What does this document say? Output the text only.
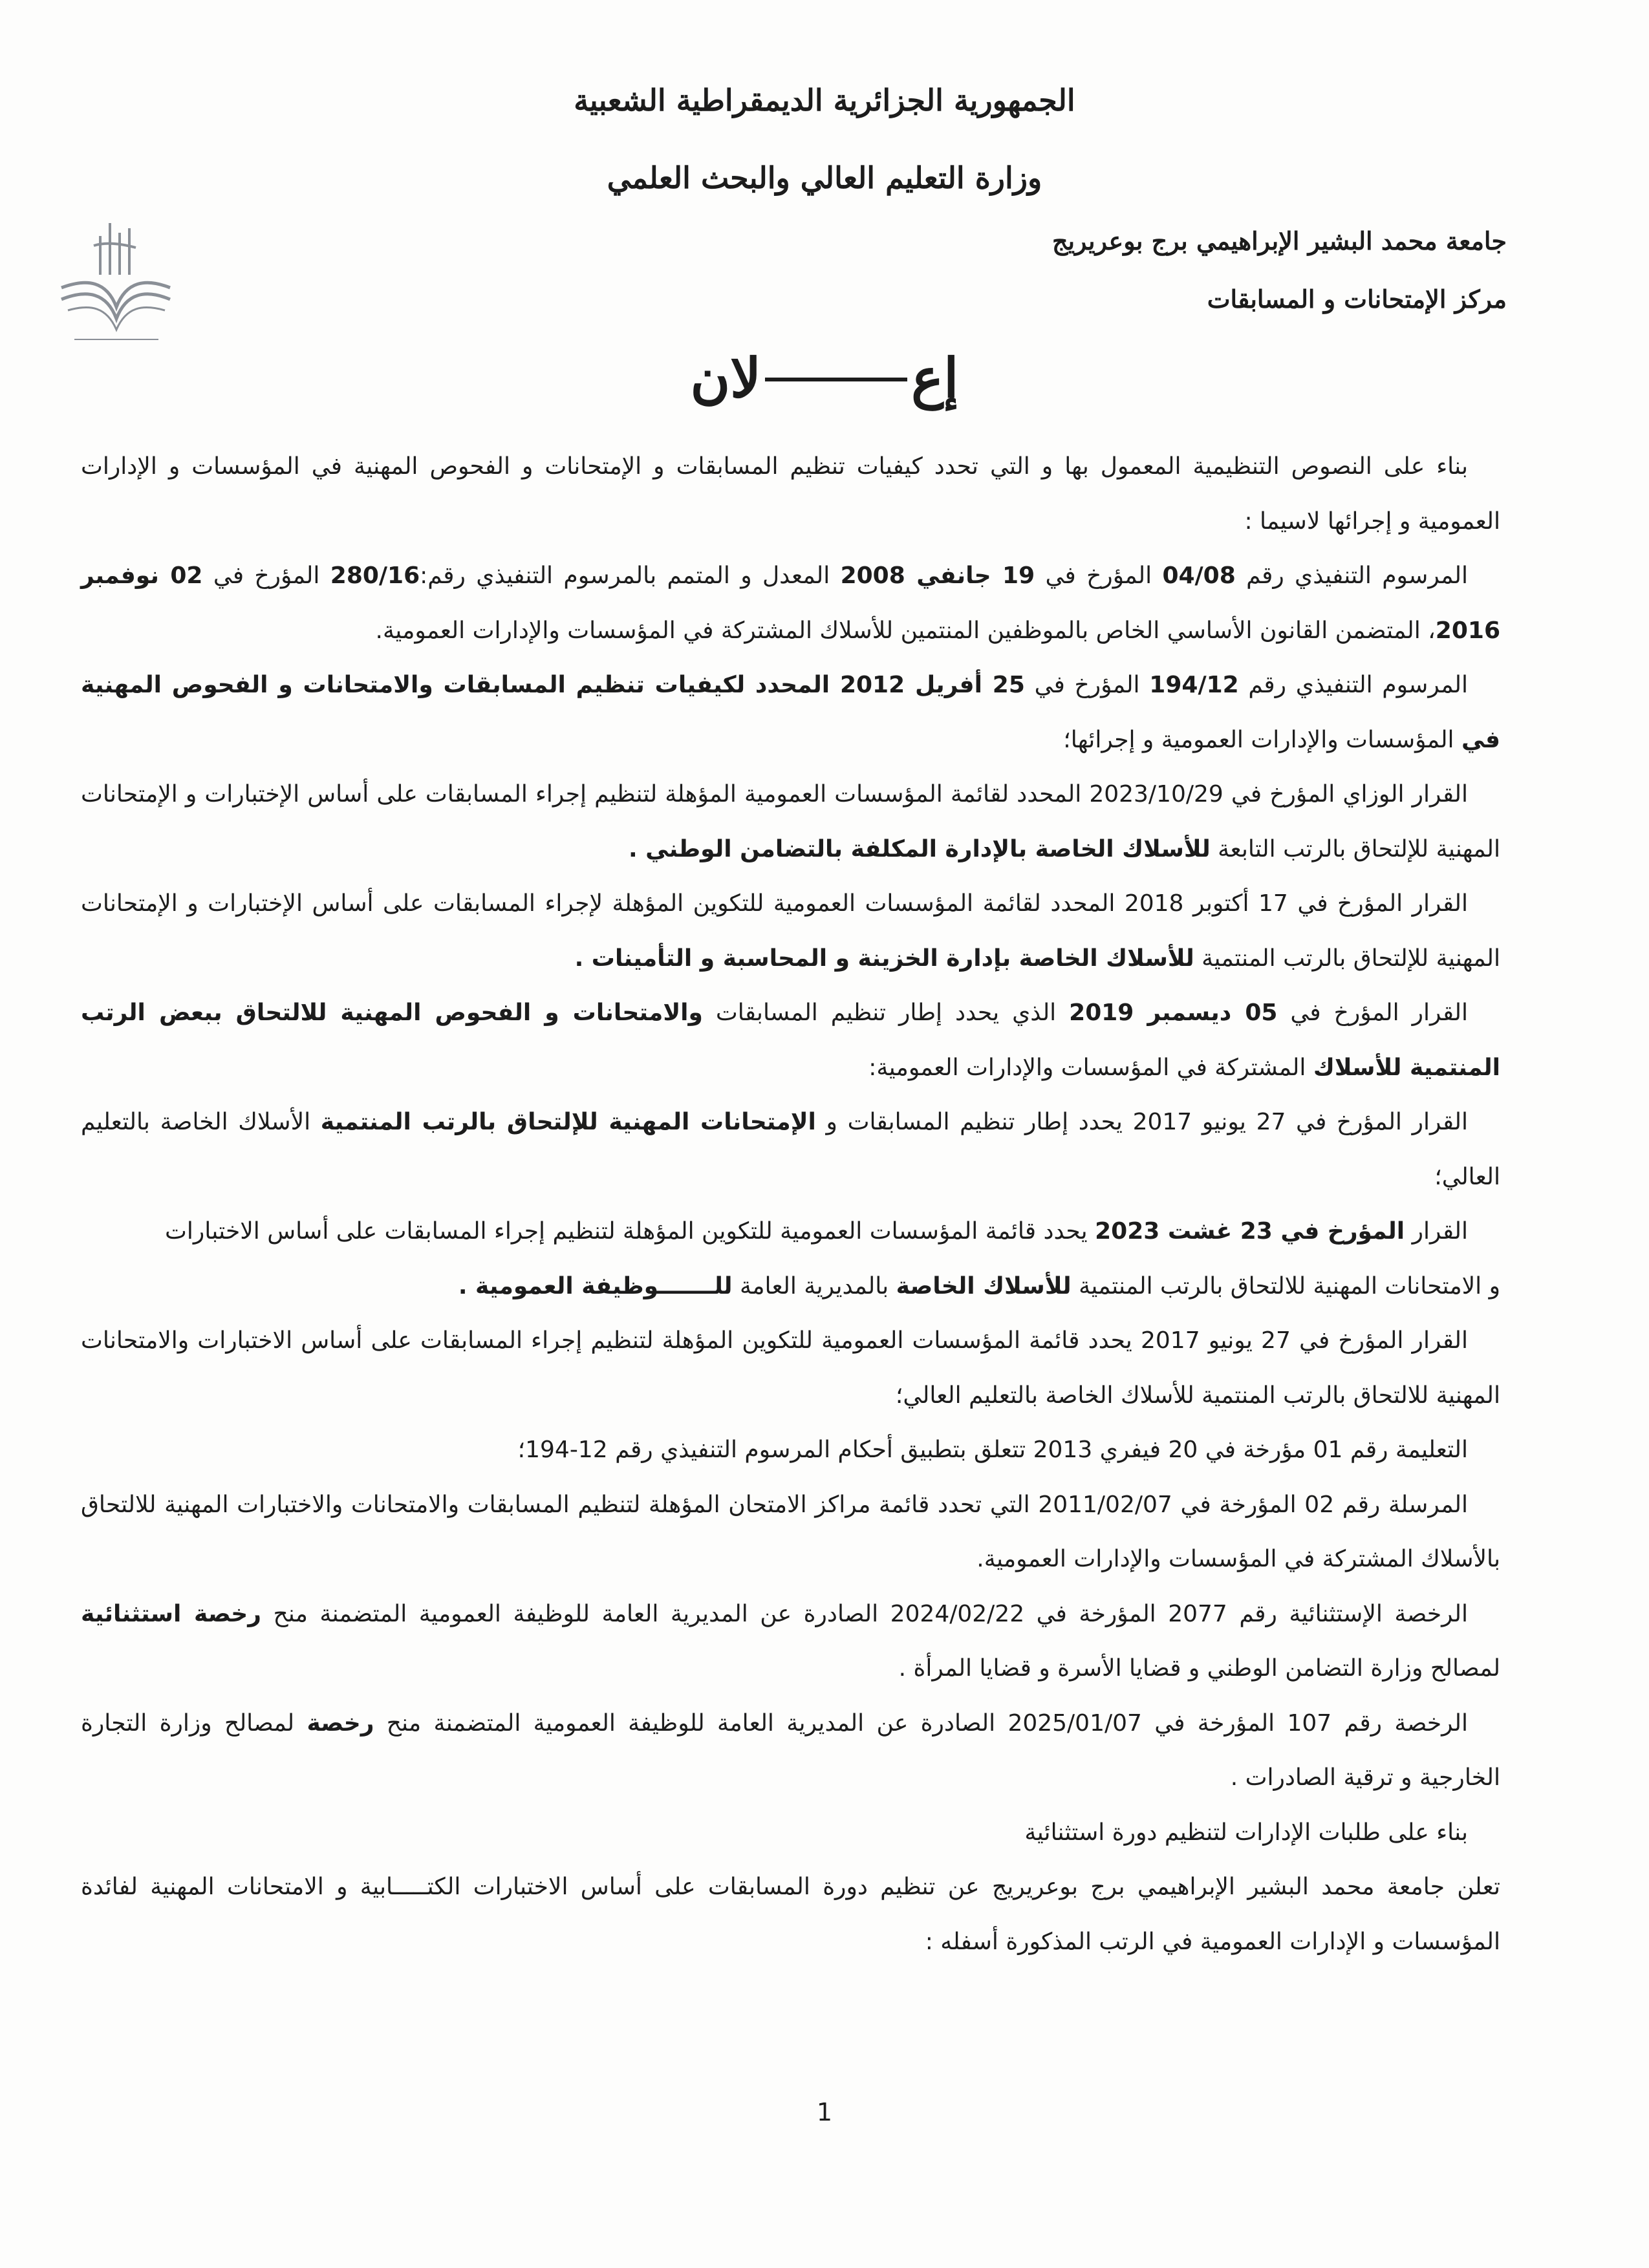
الجمهورية الجزائرية الديمقراطية الشعبية
وزارة التعليم العالي والبحث العلمي

جامعة محمد البشير الإبراهيمي برج بوعريريج

مركز الإمتحانات و المسابقات

إعلان

بناء على النصوص التنظيمية المعمول بها و التي تحدد كيفيات تنظيم المسابقات و الإمتحانات و الفحوص المهنية في المؤسسات و الإدارات العمومية و إجرائها لاسيما :

المرسوم التنفيذي رقم 04/08 المؤرخ في 19 جانفي 2008 المعدل و المتمم بالمرسوم التنفيذي رقم:280/16 المؤرخ في 02 نوفمبر 2016، المتضمن القانون الأساسي الخاص بالموظفين المنتمين للأسلاك المشتركة في المؤسسات والإدارات العمومية.

المرسوم التنفيذي رقم 194/12 المؤرخ في 25 أفريل 2012 المحدد لكيفيات تنظيم المسابقات والامتحانات و الفحوص المهنية في المؤسسات والإدارات العمومية و إجرائها؛

القرار الوزاي المؤرخ في 2023/10/29 المحدد لقائمة المؤسسات العمومية المؤهلة لتنظيم إجراء المسابقات على أساس الإختبارات و الإمتحانات المهنية للإلتحاق بالرتب التابعة للأسلاك الخاصة بالإدارة المكلفة بالتضامن الوطني .

القرار المؤرخ في 17 أكتوبر 2018 المحدد لقائمة المؤسسات العمومية للتكوين المؤهلة لإجراء المسابقات على أساس الإختبارات و الإمتحانات المهنية للإلتحاق بالرتب المنتمية للأسلاك الخاصة بإدارة الخزينة و المحاسبة و التأمينات .

القرار المؤرخ في 05 ديسمبر 2019 الذي يحدد إطار تنظيم المسابقات والامتحانات و الفحوص المهنية للالتحاق ببعض الرتب المنتمية للأسلاك المشتركة في المؤسسات والإدارات العمومية:

القرار المؤرخ في 27 يونيو 2017 يحدد إطار تنظيم المسابقات و الإمتحانات المهنية للإلتحاق بالرتب المنتمية الأسلاك الخاصة بالتعليم العالي؛

القرار المؤرخ في 23 غشت 2023 يحدد قائمة المؤسسات العمومية للتكوين المؤهلة لتنظيم إجراء المسابقات على أساس الاختبارات

و الامتحانات المهنية للالتحاق بالرتب المنتمية للأسلاك الخاصة بالمديرية العامة للـــــــوظيفة العمومية .

القرار المؤرخ في 27 يونيو 2017 يحدد قائمة المؤسسات العمومية للتكوين المؤهلة لتنظيم إجراء المسابقات على أساس الاختبارات والامتحانات المهنية للالتحاق بالرتب المنتمية للأسلاك الخاصة بالتعليم العالي؛

التعليمة رقم 01 مؤرخة في 20 فيفري 2013 تتعلق بتطبيق أحكام المرسوم التنفيذي رقم 12-194؛

المرسلة رقم 02 المؤرخة في 2011/02/07 التي تحدد قائمة مراكز الامتحان المؤهلة لتنظيم المسابقات والامتحانات والاختبارات المهنية للالتحاق بالأسلاك المشتركة في المؤسسات والإدارات العمومية.

الرخصة الإستثنائية رقم 2077 المؤرخة في 2024/02/22 الصادرة عن المديرية العامة للوظيفة العمومية المتضمنة منح رخصة استثنائية لمصالح وزارة التضامن الوطني و قضايا الأسرة و قضايا المرأة .

الرخصة رقم 107 المؤرخة في 2025/01/07 الصادرة عن المديرية العامة للوظيفة العمومية المتضمنة منح رخصة لمصالح وزارة التجارة الخارجية و ترقية الصادرات .

بناء على طلبات الإدارات لتنظيم دورة استثنائية

تعلن جامعة محمد البشير الإبراهيمي برج بوعريريج عن تنظيم دورة المسابقات على أساس الاختبارات الكتـــــابية و الامتحانات المهنية لفائدة المؤسسات و الإدارات العمومية في الرتب المذكورة أسفله :

1
